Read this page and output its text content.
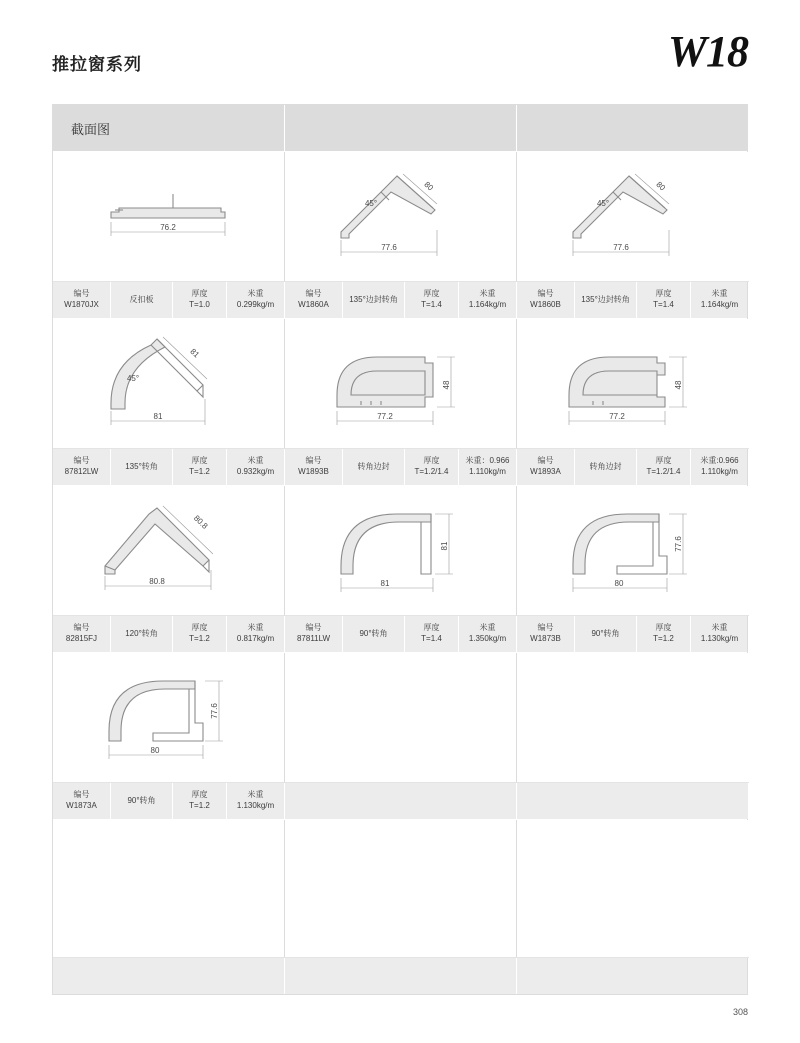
推拉窗系列	W18
截面图
76.2
77.6
80
45°
77.6
80
45°
编号
W1870JX
反扣板
厚度
T=1.0
米重
0.299kg/m
编号
W1860A
135°边封转角
厚度
T=1.4
米重
1.164kg/m
编号
W1860B
135°边封转角
厚度
T=1.4
米重
1.164kg/m
81
81
45°
77.2
48
77.2
48
编号
87812LW
135°转角
厚度
T=1.2
米重
0.932kg/m
编号
W1893B
转角边封
厚度
T=1.2/1.4
米重：0.966
1.110kg/m
编号
W1893A
转角边封
厚度
T=1.2/1.4
米重:0.966
1.110kg/m
80.8
80.8
81
81
80
77.6
编号
82815FJ
120°转角
厚度
T=1.2
米重
0.817kg/m
编号
87811LW
90°转角
厚度
T=1.4
米重
1.350kg/m
编号
W1873B
90°转角
厚度
T=1.2
米重
1.130kg/m
80
77.6
编号
W1873A
90°转角
厚度
T=1.2
米重
1.130kg/m
308
